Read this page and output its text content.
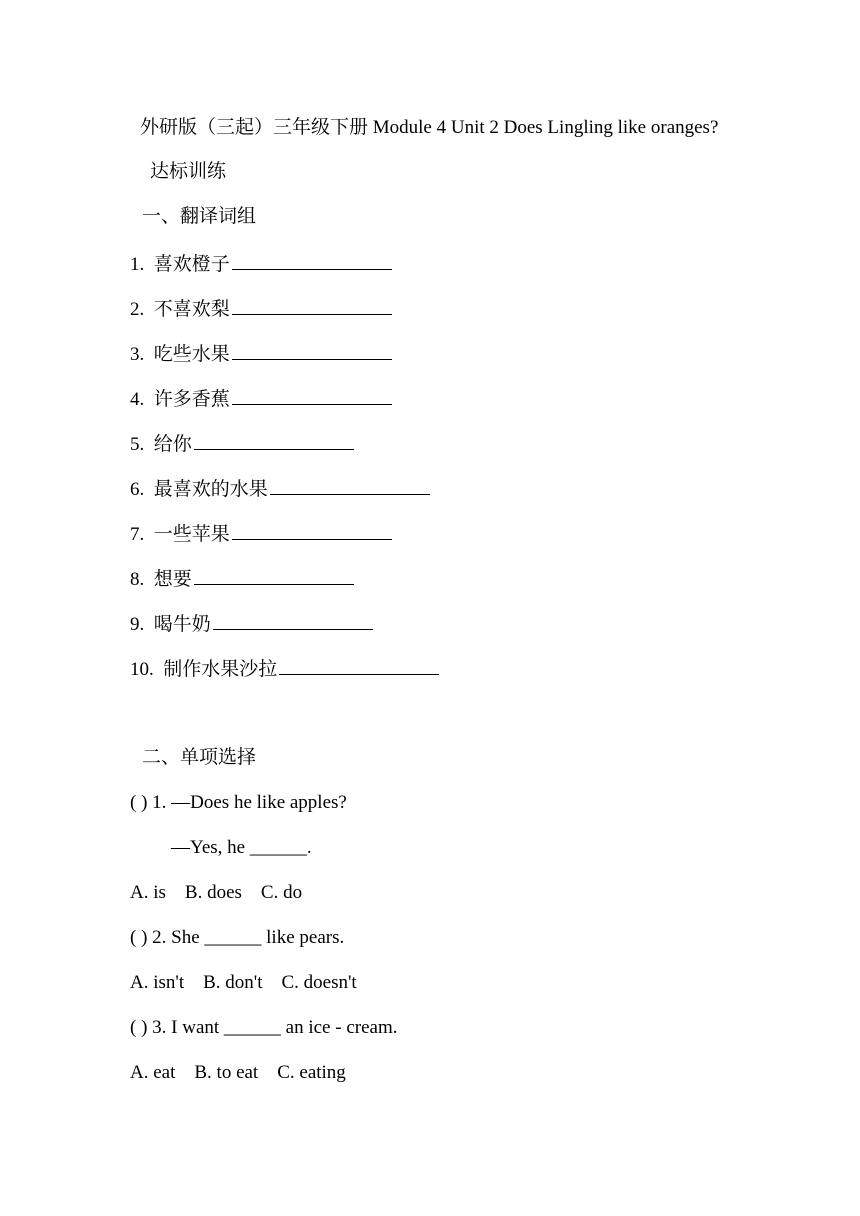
外研版（三起）三年级下册 Module 4 Unit 2 Does Lingling like oranges?
达标训练
一、翻译词组
1. 喜欢橙子
2. 不喜欢梨
3. 吃些水果
4. 许多香蕉
5. 给你
6. 最喜欢的水果
7. 一些苹果
8. 想要
9. 喝牛奶
10. 制作水果沙拉
二、单项选择
( ) 1. —Does he like apples?
—Yes, he ______.
A. is    B. does    C. do
( ) 2. She ______ like pears.
A. isn't    B. don't    C. doesn't
( ) 3. I want ______ an ice - cream.
A. eat    B. to eat    C. eating
